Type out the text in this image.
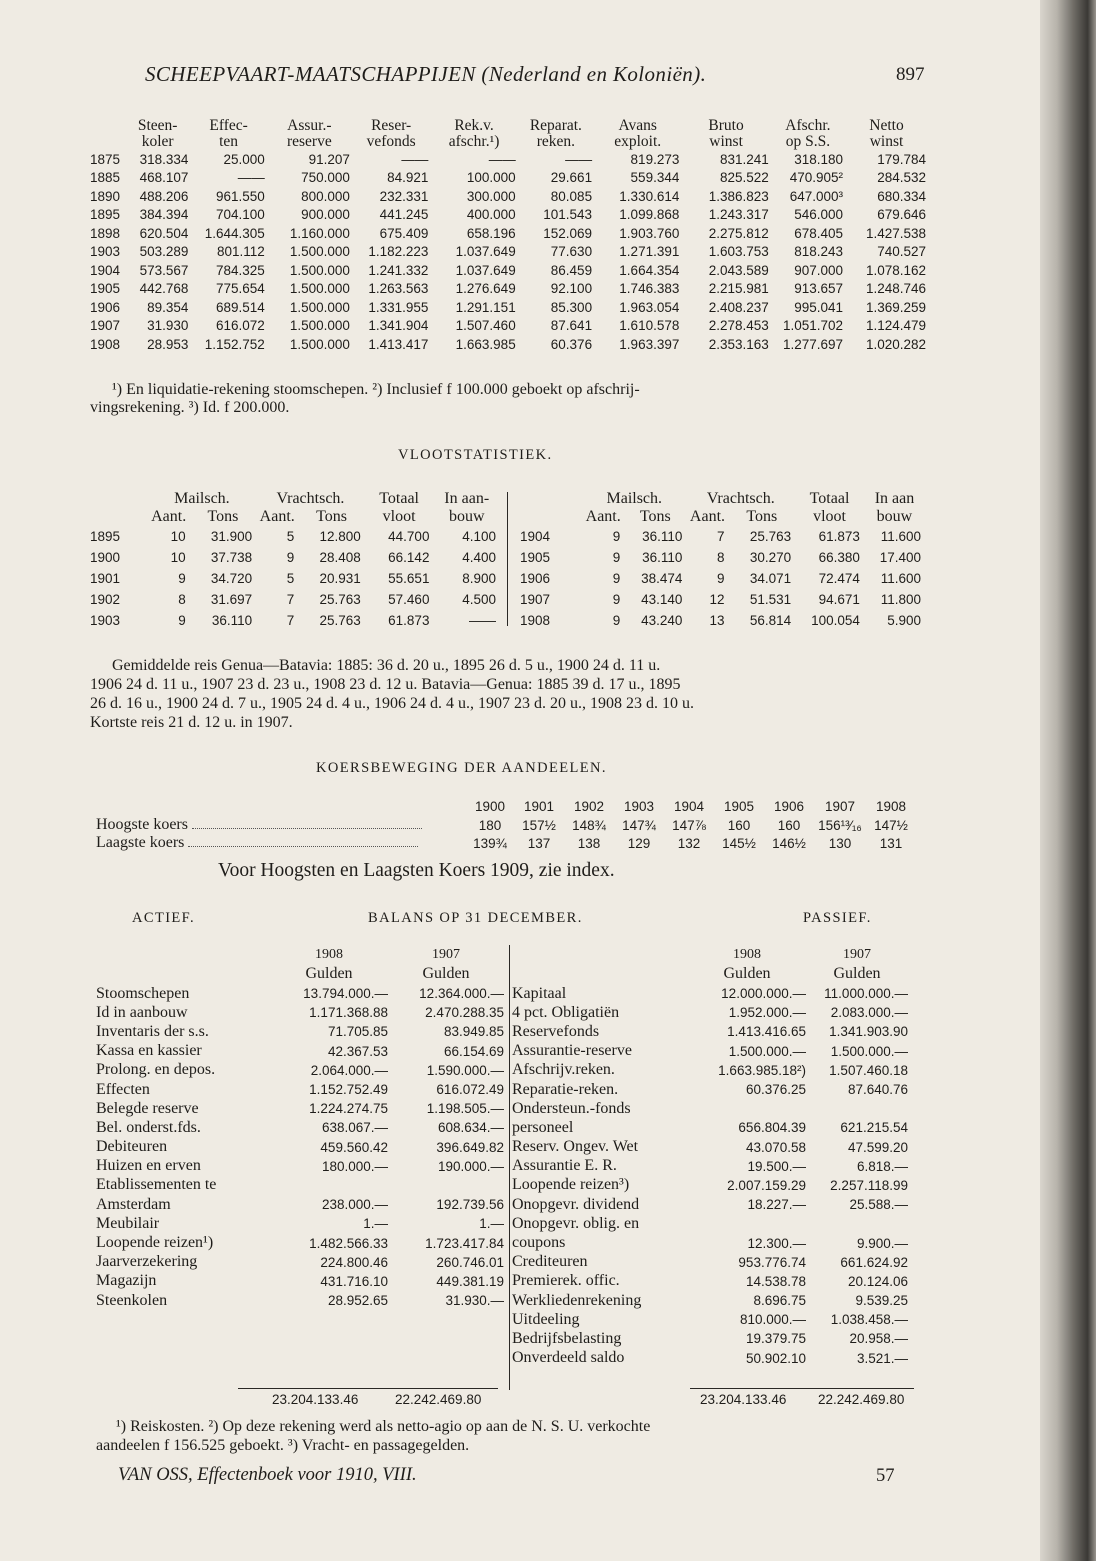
SCHEEPVAART-MAATSCHAPPIJEN (Nederland en Koloniën).	897
	Steen-	Effec-	Assur.-	Reser-	Rek.v.	Reparat.	Avans	Bruto	Afschr.	Netto
	koler	ten	reserve	vefonds	afschr.¹)	reken.	exploit.	winst	op S.S.	winst
1875	318.334	25.000	91.207	——	——	——	819.273	831.241	318.180	179.784
1885	468.107	——	750.000	84.921	100.000	29.661	559.344	825.522	470.905²	284.532
1890	488.206	961.550	800.000	232.331	300.000	80.085	1.330.614	1.386.823	647.000³	680.334
1895	384.394	704.100	900.000	441.245	400.000	101.543	1.099.868	1.243.317	546.000	679.646
1898	620.504	1.644.305	1.160.000	675.409	658.196	152.069	1.903.760	2.275.812	678.405	1.427.538
1903	503.289	801.112	1.500.000	1.182.223	1.037.649	77.630	1.271.391	1.603.753	818.243	740.527
1904	573.567	784.325	1.500.000	1.241.332	1.037.649	86.459	1.664.354	2.043.589	907.000	1.078.162
1905	442.768	775.654	1.500.000	1.263.563	1.276.649	92.100	1.746.383	2.215.981	913.657	1.248.746
1906	89.354	689.514	1.500.000	1.331.955	1.291.151	85.300	1.963.054	2.408.237	995.041	1.369.259
1907	31.930	616.072	1.500.000	1.341.904	1.507.460	87.641	1.610.578	2.278.453	1.051.702	1.124.479
1908	28.953	1.152.752	1.500.000	1.413.417	1.663.985	60.376	1.963.397	2.353.163	1.277.697	1.020.282
¹) En liquidatie-rekening stoomschepen. ²) Inclusief f 100.000 geboekt op afschrij-
vingsrekening. ³) Id. f 200.000.
VLOOTSTATISTIEK.
	Mailsch.		Vrachtsch.		Totaal	In aan-
	Aant.	Tons	Aant.	Tons	vloot	bouw
1895	10	31.900	5	12.800	44.700	4.100
1900	10	37.738	9	28.408	66.142	4.400
1901	9	34.720	5	20.931	55.651	8.900
1902	8	31.697	7	25.763	57.460	4.500
1903	9	36.110	7	25.763	61.873	——
	Mailsch.		Vrachtsch.		Totaal	In aan
	Aant.	Tons	Aant.	Tons	vloot	bouw
1904	9	36.110	7	25.763	61.873	11.600
1905	9	36.110	8	30.270	66.380	17.400
1906	9	38.474	9	34.071	72.474	11.600
1907	9	43.140	12	51.531	94.671	11.800
1908	9	43.240	13	56.814	100.054	5.900
Gemiddelde reis Genua—Batavia: 1885: 36 d. 20 u., 1895 26 d. 5 u., 1900 24 d. 11 u.
1906 24 d. 11 u., 1907 23 d. 23 u., 1908 23 d. 12 u. Batavia—Genua: 1885 39 d. 17 u., 1895
26 d. 16 u., 1900 24 d. 7 u., 1905 24 d. 4 u., 1906 24 d. 4 u., 1907 23 d. 20 u., 1908 23 d. 10 u.
Kortste reis 21 d. 12 u. in 1907.
KOERSBEWEGING DER AANDEELEN.
	1900	1901	1902	1903	1904	1905	1906	1907	1908
Hoogste koers	180	157½	148¾	147¾	147⅞	160	160	156¹³⁄₁₆	147½
Laagste koers	139¾	137	138	129	132	145½	146½	130	131
Voor Hoogsten en Laagsten Koers 1909, zie index.
ACTIEF.	BALANS OP 31 DECEMBER.	PASSIEF.
	1908	1907
	Gulden	Gulden
Stoomschepen	13.794.000.—	12.364.000.—
Id in aanbouw	1.171.368.88	2.470.288.35
Inventaris der s.s.	71.705.85	83.949.85
Kassa en kassier	42.367.53	66.154.69
Prolong. en depos.	2.064.000.—	1.590.000.—
Effecten	1.152.752.49	616.072.49
Belegde reserve	1.224.274.75	1.198.505.—
Bel. onderst.fds.	638.067.—	608.634.—
Debiteuren	459.560.42	396.649.82
Huizen en erven	180.000.—	190.000.—
Etablissementen te		
Amsterdam	238.000.—	192.739.56
Meubilair	1.—	1.—
Loopende reizen¹)	1.482.566.33	1.723.417.84
Jaarverzekering	224.800.46	260.746.01
Magazijn	431.716.10	449.381.19
Steenkolen	28.952.65	31.930.—
	1908	1907
	Gulden	Gulden
Kapitaal	12.000.000.—	11.000.000.—
4 pct. Obligatiën	1.952.000.—	2.083.000.—
Reservefonds	1.413.416.65	1.341.903.90
Assurantie-reserve	1.500.000.—	1.500.000.—
Afschrijv.reken.	1.663.985.18²)	1.507.460.18
Reparatie-reken.	60.376.25	87.640.76
Ondersteun.-fonds		
personeel	656.804.39	621.215.54
Reserv. Ongev. Wet	43.070.58	47.599.20
Assurantie E. R.	19.500.—	6.818.—
Loopende reizen³)	2.007.159.29	2.257.118.99
Onopgevr. dividend	18.227.—	25.588.—
Onopgevr. oblig. en		
coupons	12.300.—	9.900.—
Crediteuren	953.776.74	661.624.92
Premierek. offic.	14.538.78	20.124.06
Werkliedenrekening	8.696.75	9.539.25
Uitdeeling	810.000.—	1.038.458.—
Bedrijfsbelasting	19.379.75	20.958.—
Onverdeeld saldo	50.902.10	3.521.—
23.204.133.46	22.242.469.80	23.204.133.46 22.242.469.80
¹) Reiskosten. ²) Op deze rekening werd als netto-agio op aan de N. S. U. verkochte
aandeelen f 156.525 geboekt. ³) Vracht- en passagegelden.
VAN OSS, Effectenboek voor 1910, VIII.	57
